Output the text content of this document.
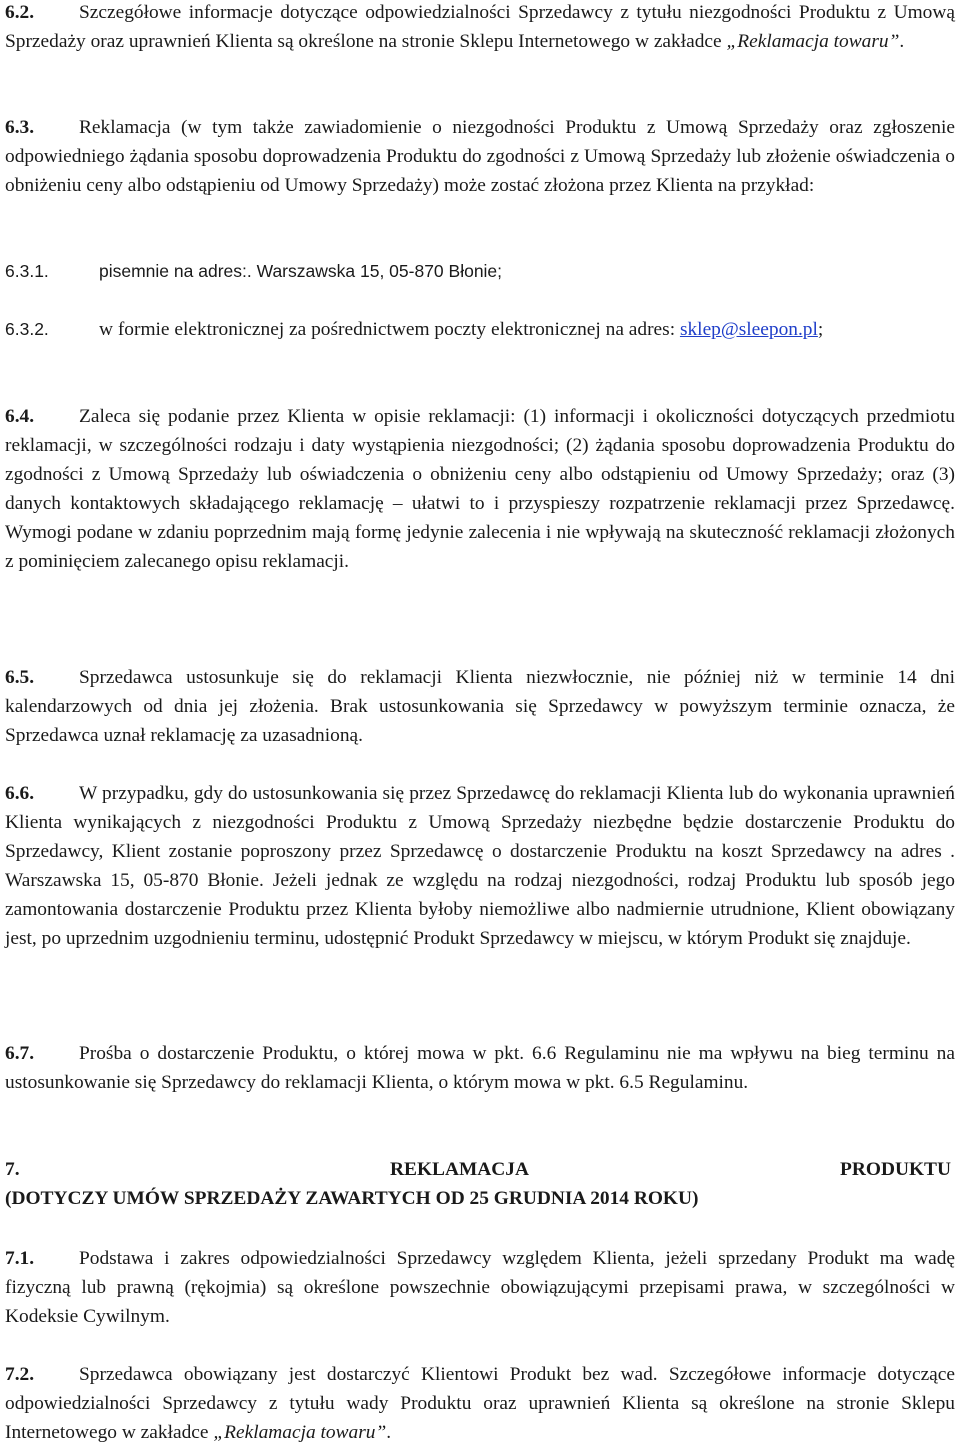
6.2. Szczegółowe informacje dotyczące odpowiedzialności Sprzedawcy z tytułu niezgodności Produktu z Umową Sprzedaży oraz uprawnień Klienta są określone na stronie Sklepu Internetowego w zakładce „Reklamacja towaru”.

6.3. Reklamacja (w tym także zawiadomienie o niezgodności Produktu z Umową Sprzedaży oraz zgłoszenie odpowiedniego żądania sposobu doprowadzenia Produktu do zgodności z Umową Sprzedaży lub złożenie oświadczenia o obniżeniu ceny albo odstąpieniu od Umowy Sprzedaży) może zostać złożona przez Klienta na przykład:

6.3.1.	pisemnie na adres:. Warszawska 15, 05-870 Błonie;

6.3.2.	w formie elektronicznej za pośrednictwem poczty elektronicznej na adres: sklep@sleepon.pl;

6.4. Zaleca się podanie przez Klienta w opisie reklamacji: (1) informacji i okoliczności dotyczących przedmiotu reklamacji, w szczególności rodzaju i daty wystąpienia niezgodności; (2) żądania sposobu doprowadzenia Produktu do zgodności z Umową Sprzedaży lub oświadczenia o obniżeniu ceny albo odstąpieniu od Umowy Sprzedaży; oraz (3) danych kontaktowych składającego reklamację – ułatwi to i przyspieszy rozpatrzenie reklamacji przez Sprzedawcę. Wymogi podane w zdaniu poprzednim mają formę jedynie zalecenia i nie wpływają na skuteczność reklamacji złożonych z pominięciem zalecanego opisu reklamacji.

6.5. Sprzedawca ustosunkuje się do reklamacji Klienta niezwłocznie, nie później niż w terminie 14 dni kalendarzowych od dnia jej złożenia. Brak ustosunkowania się Sprzedawcy w powyższym terminie oznacza, że Sprzedawca uznał reklamację za uzasadnioną.

6.6. W przypadku, gdy do ustosunkowania się przez Sprzedawcę do reklamacji Klienta lub do wykonania uprawnień Klienta wynikających z niezgodności Produktu z Umową Sprzedaży niezbędne będzie dostarczenie Produktu do Sprzedawcy, Klient zostanie poproszony przez Sprzedawcę o dostarczenie Produktu na koszt Sprzedawcy na adres . Warszawska 15, 05-870 Błonie. Jeżeli jednak ze względu na rodzaj niezgodności, rodzaj Produktu lub sposób jego zamontowania dostarczenie Produktu przez Klienta byłoby niemożliwe albo nadmiernie utrudnione, Klient obowiązany jest, po uprzednim uzgodnieniu terminu, udostępnić Produkt Sprzedawcy w miejscu, w którym Produkt się znajduje.

6.7. Prośba o dostarczenie Produktu, o której mowa w pkt. 6.6 Regulaminu nie ma wpływu na bieg terminu na ustosunkowanie się Sprzedawcy do reklamacji Klienta, o którym mowa w pkt. 6.5 Regulaminu.

7.	REKLAMACJA	PRODUKTU
(DOTYCZY UMÓW SPRZEDAŻY ZAWARTYCH OD 25 GRUDNIA 2014 ROKU)

7.1. Podstawa i zakres odpowiedzialności Sprzedawcy względem Klienta, jeżeli sprzedany Produkt ma wadę fizyczną lub prawną (rękojmia) są określone powszechnie obowiązującymi przepisami prawa, w szczególności w Kodeksie Cywilnym.

7.2. Sprzedawca obowiązany jest dostarczyć Klientowi Produkt bez wad. Szczegółowe informacje dotyczące odpowiedzialności Sprzedawcy z tytułu wady Produktu oraz uprawnień Klienta są określone na stronie Sklepu Internetowego w zakładce „Reklamacja towaru”.
